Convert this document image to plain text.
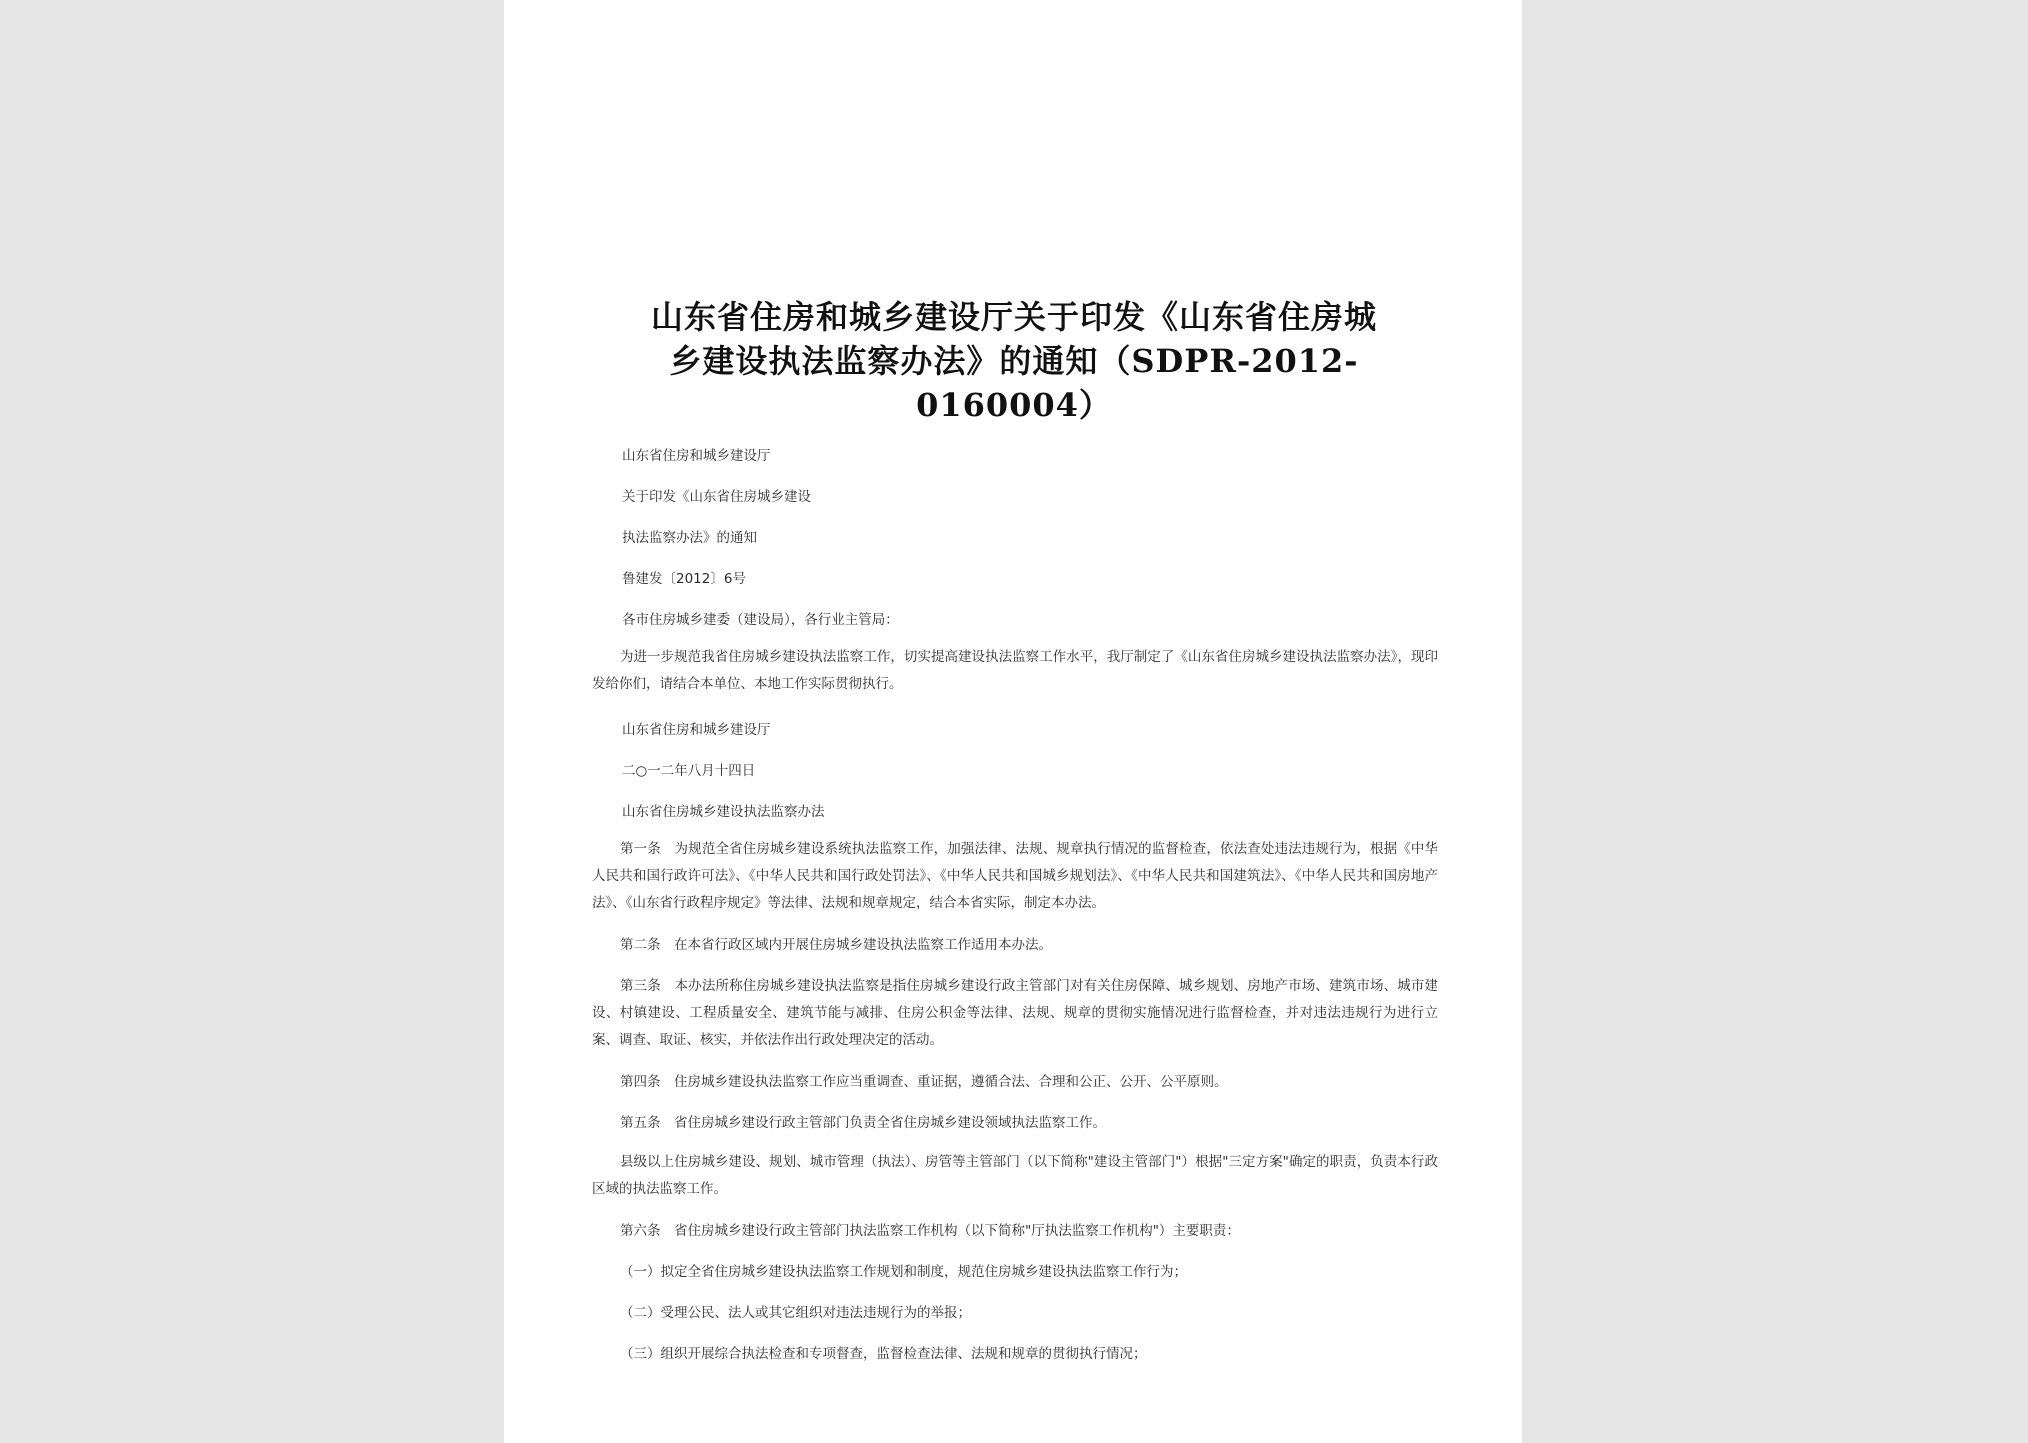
山东省住房和城乡建设厅关于印发《山东省住房城
乡建设执法监察办法》的通知（SDPR-2012-
0160004）
山东省住房和城乡建设厅
关于印发《山东省住房城乡建设
执法监察办法》的通知
鲁建发〔2012〕6号
各市住房城乡建委（建设局），各行业主管局：
为进一步规范我省住房城乡建设执法监察工作，切实提高建设执法监察工作水平，我厅制定了《山东省住房城乡建设执法监察办法》，现印发给你们，请结合本单位、本地工作实际贯彻执行。
山东省住房和城乡建设厅
二○一二年八月十四日
山东省住房城乡建设执法监察办法
第一条　为规范全省住房城乡建设系统执法监察工作，加强法律、法规、规章执行情况的监督检查，依法查处违法违规行为，根据《中华人民共和国行政许可法》、《中华人民共和国行政处罚法》、《中华人民共和国城乡规划法》、《中华人民共和国建筑法》、《中华人民共和国房地产法》、《山东省行政程序规定》等法律、法规和规章规定，结合本省实际，制定本办法。
第二条　在本省行政区域内开展住房城乡建设执法监察工作适用本办法。
第三条　本办法所称住房城乡建设执法监察是指住房城乡建设行政主管部门对有关住房保障、城乡规划、房地产市场、建筑市场、城市建设、村镇建设、工程质量安全、建筑节能与减排、住房公积金等法律、法规、规章的贯彻实施情况进行监督检查，并对违法违规行为进行立案、调查、取证、核实，并依法作出行政处理决定的活动。
第四条　住房城乡建设执法监察工作应当重调查、重证据，遵循合法、合理和公正、公开、公平原则。
第五条　省住房城乡建设行政主管部门负责全省住房城乡建设领域执法监察工作。
县级以上住房城乡建设、规划、城市管理（执法）、房管等主管部门（以下简称"建设主管部门"）根据"三定方案"确定的职责，负责本行政区域的执法监察工作。
第六条　省住房城乡建设行政主管部门执法监察工作机构（以下简称"厅执法监察工作机构"）主要职责：
（一）拟定全省住房城乡建设执法监察工作规划和制度，规范住房城乡建设执法监察工作行为；
（二）受理公民、法人或其它组织对违法违规行为的举报；
（三）组织开展综合执法检查和专项督查，监督检查法律、法规和规章的贯彻执行情况；
